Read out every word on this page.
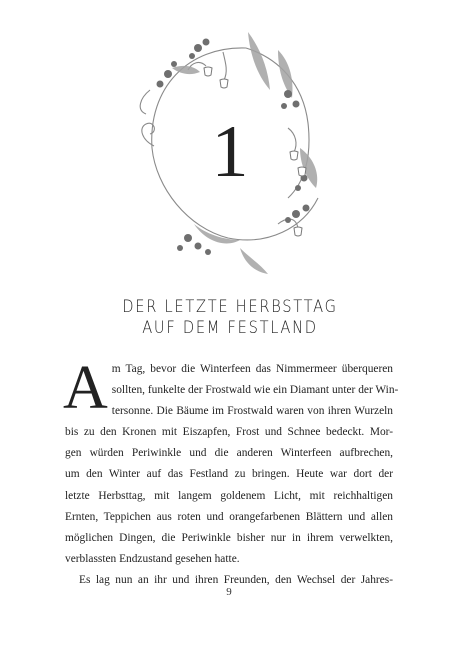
1
DER LETZTE HERBSTTAG
AUF DEM FESTLAND
A m Tag, bevor die Winterfeen das Nimmermeer überqueren
sollten, funkelte der Frostwald wie ein Diamant unter der Win-
tersonne. Die Bäume im Frostwald waren von ihren Wurzeln
bis zu den Kronen mit Eiszapfen, Frost und Schnee bedeckt. Mor-
gen würden Periwinkle und die anderen Winterfeen aufbrechen,
um den Winter auf das Festland zu bringen. Heute war dort der
letzte Herbsttag, mit langem goldenem Licht, mit reichhaltigen
Ernten, Teppichen aus roten und orangefarbenen Blättern und allen
möglichen Dingen, die Periwinkle bisher nur in ihrem verwelkten,
verblassten Endzustand gesehen hatte.
Es lag nun an ihr und ihren Freunden, den Wechsel der Jahres-
9
